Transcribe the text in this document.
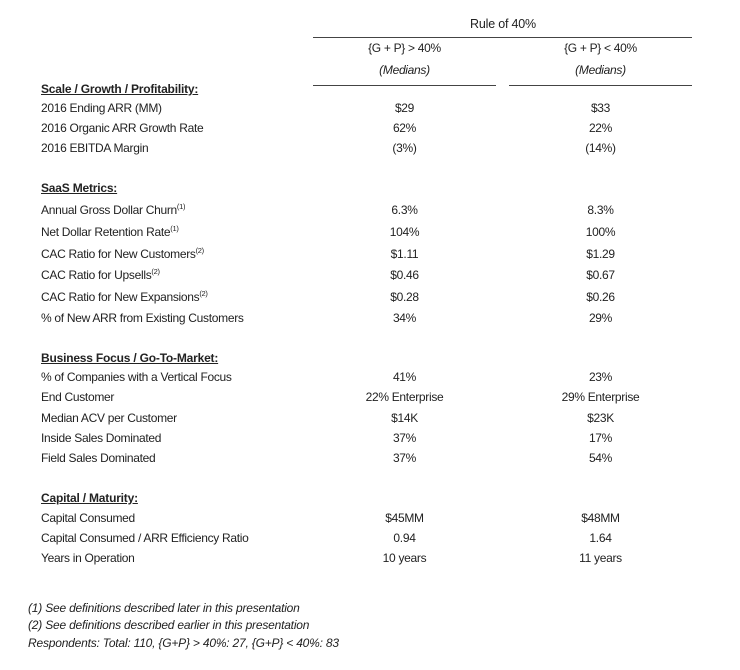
Rule of 40%
{G + P} > 40%	{G + P} < 40%
(Medians)	(Medians)
Scale / Growth / Profitability:
2016 Ending ARR (MM)	$29	$33
2016 Organic ARR Growth Rate	62%	22%
2016 EBITDA Margin	(3%)	(14%)
SaaS Metrics:
Annual Gross Dollar Churn$^{(1)}$	6.3%	8.3%
Net Dollar Retention Rate$^{(1)}$	104%	100%
CAC Ratio for New Customers$^{(2)}$	$1.11	$1.29
CAC Ratio for Upsells$^{(2)}$	$0.46	$0.67
CAC Ratio for New Expansions$^{(2)}$	$0.28	$0.26
% of New ARR from Existing Customers	34%	29%
Business Focus / Go-To-Market:
% of Companies with a Vertical Focus	41%	23%
End Customer	22% Enterprise	29% Enterprise
Median ACV per Customer	$14K	$23K
Inside Sales Dominated	37%	17%
Field Sales Dominated	37%	54%
Capital / Maturity:
Capital Consumed	$45MM	$48MM
Capital Consumed / ARR Efficiency Ratio	0.94	1.64
Years in Operation	10 years	11 years
(1) See definitions described later in this presentation
(2) See definitions described earlier in this presentation
Respondents: Total: 110, {G+P} > 40%: 27, {G+P} < 40%: 83
